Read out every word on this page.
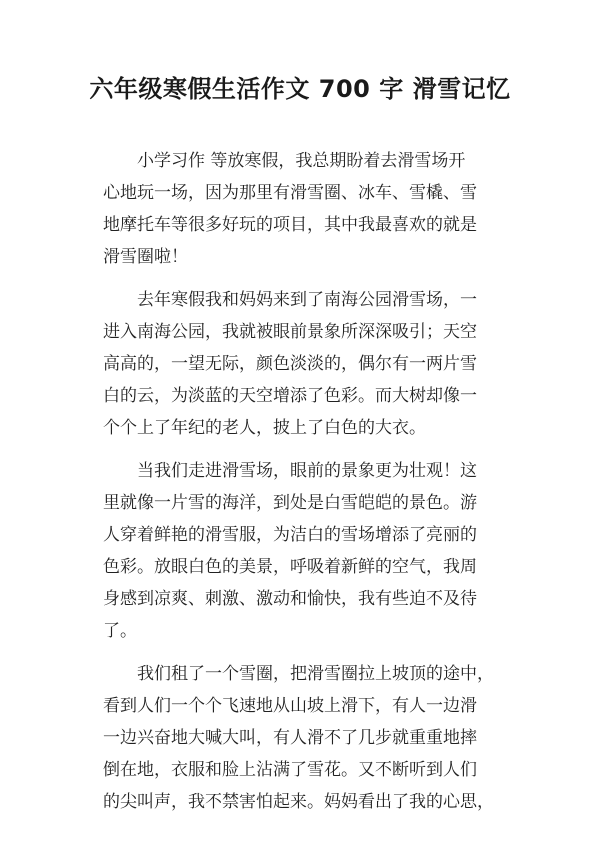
六年级寒假生活作文 700 字 滑雪记忆

小学习作 等放寒假，我总期盼着去滑雪场开
心地玩一场，因为那里有滑雪圈、冰车、雪橇、雪
地摩托车等很多好玩的项目，其中我最喜欢的就是
滑雪圈啦！

去年寒假我和妈妈来到了南海公园滑雪场，一
进入南海公园，我就被眼前景象所深深吸引；天空
高高的，一望无际，颜色淡淡的，偶尔有一两片雪
白的云，为淡蓝的天空增添了色彩。而大树却像一
个个上了年纪的老人，披上了白色的大衣。

当我们走进滑雪场，眼前的景象更为壮观！这
里就像一片雪的海洋，到处是白雪皑皑的景色。游
人穿着鲜艳的滑雪服，为洁白的雪场增添了亮丽的
色彩。放眼白色的美景，呼吸着新鲜的空气，我周
身感到凉爽、刺激、激动和愉快，我有些迫不及待
了。

我们租了一个雪圈，把滑雪圈拉上坡顶的途中，
看到人们一个个飞速地从山坡上滑下，有人一边滑
一边兴奋地大喊大叫，有人滑不了几步就重重地摔
倒在地，衣服和脸上沾满了雪花。又不断听到人们
的尖叫声，我不禁害怕起来。妈妈看出了我的心思，
